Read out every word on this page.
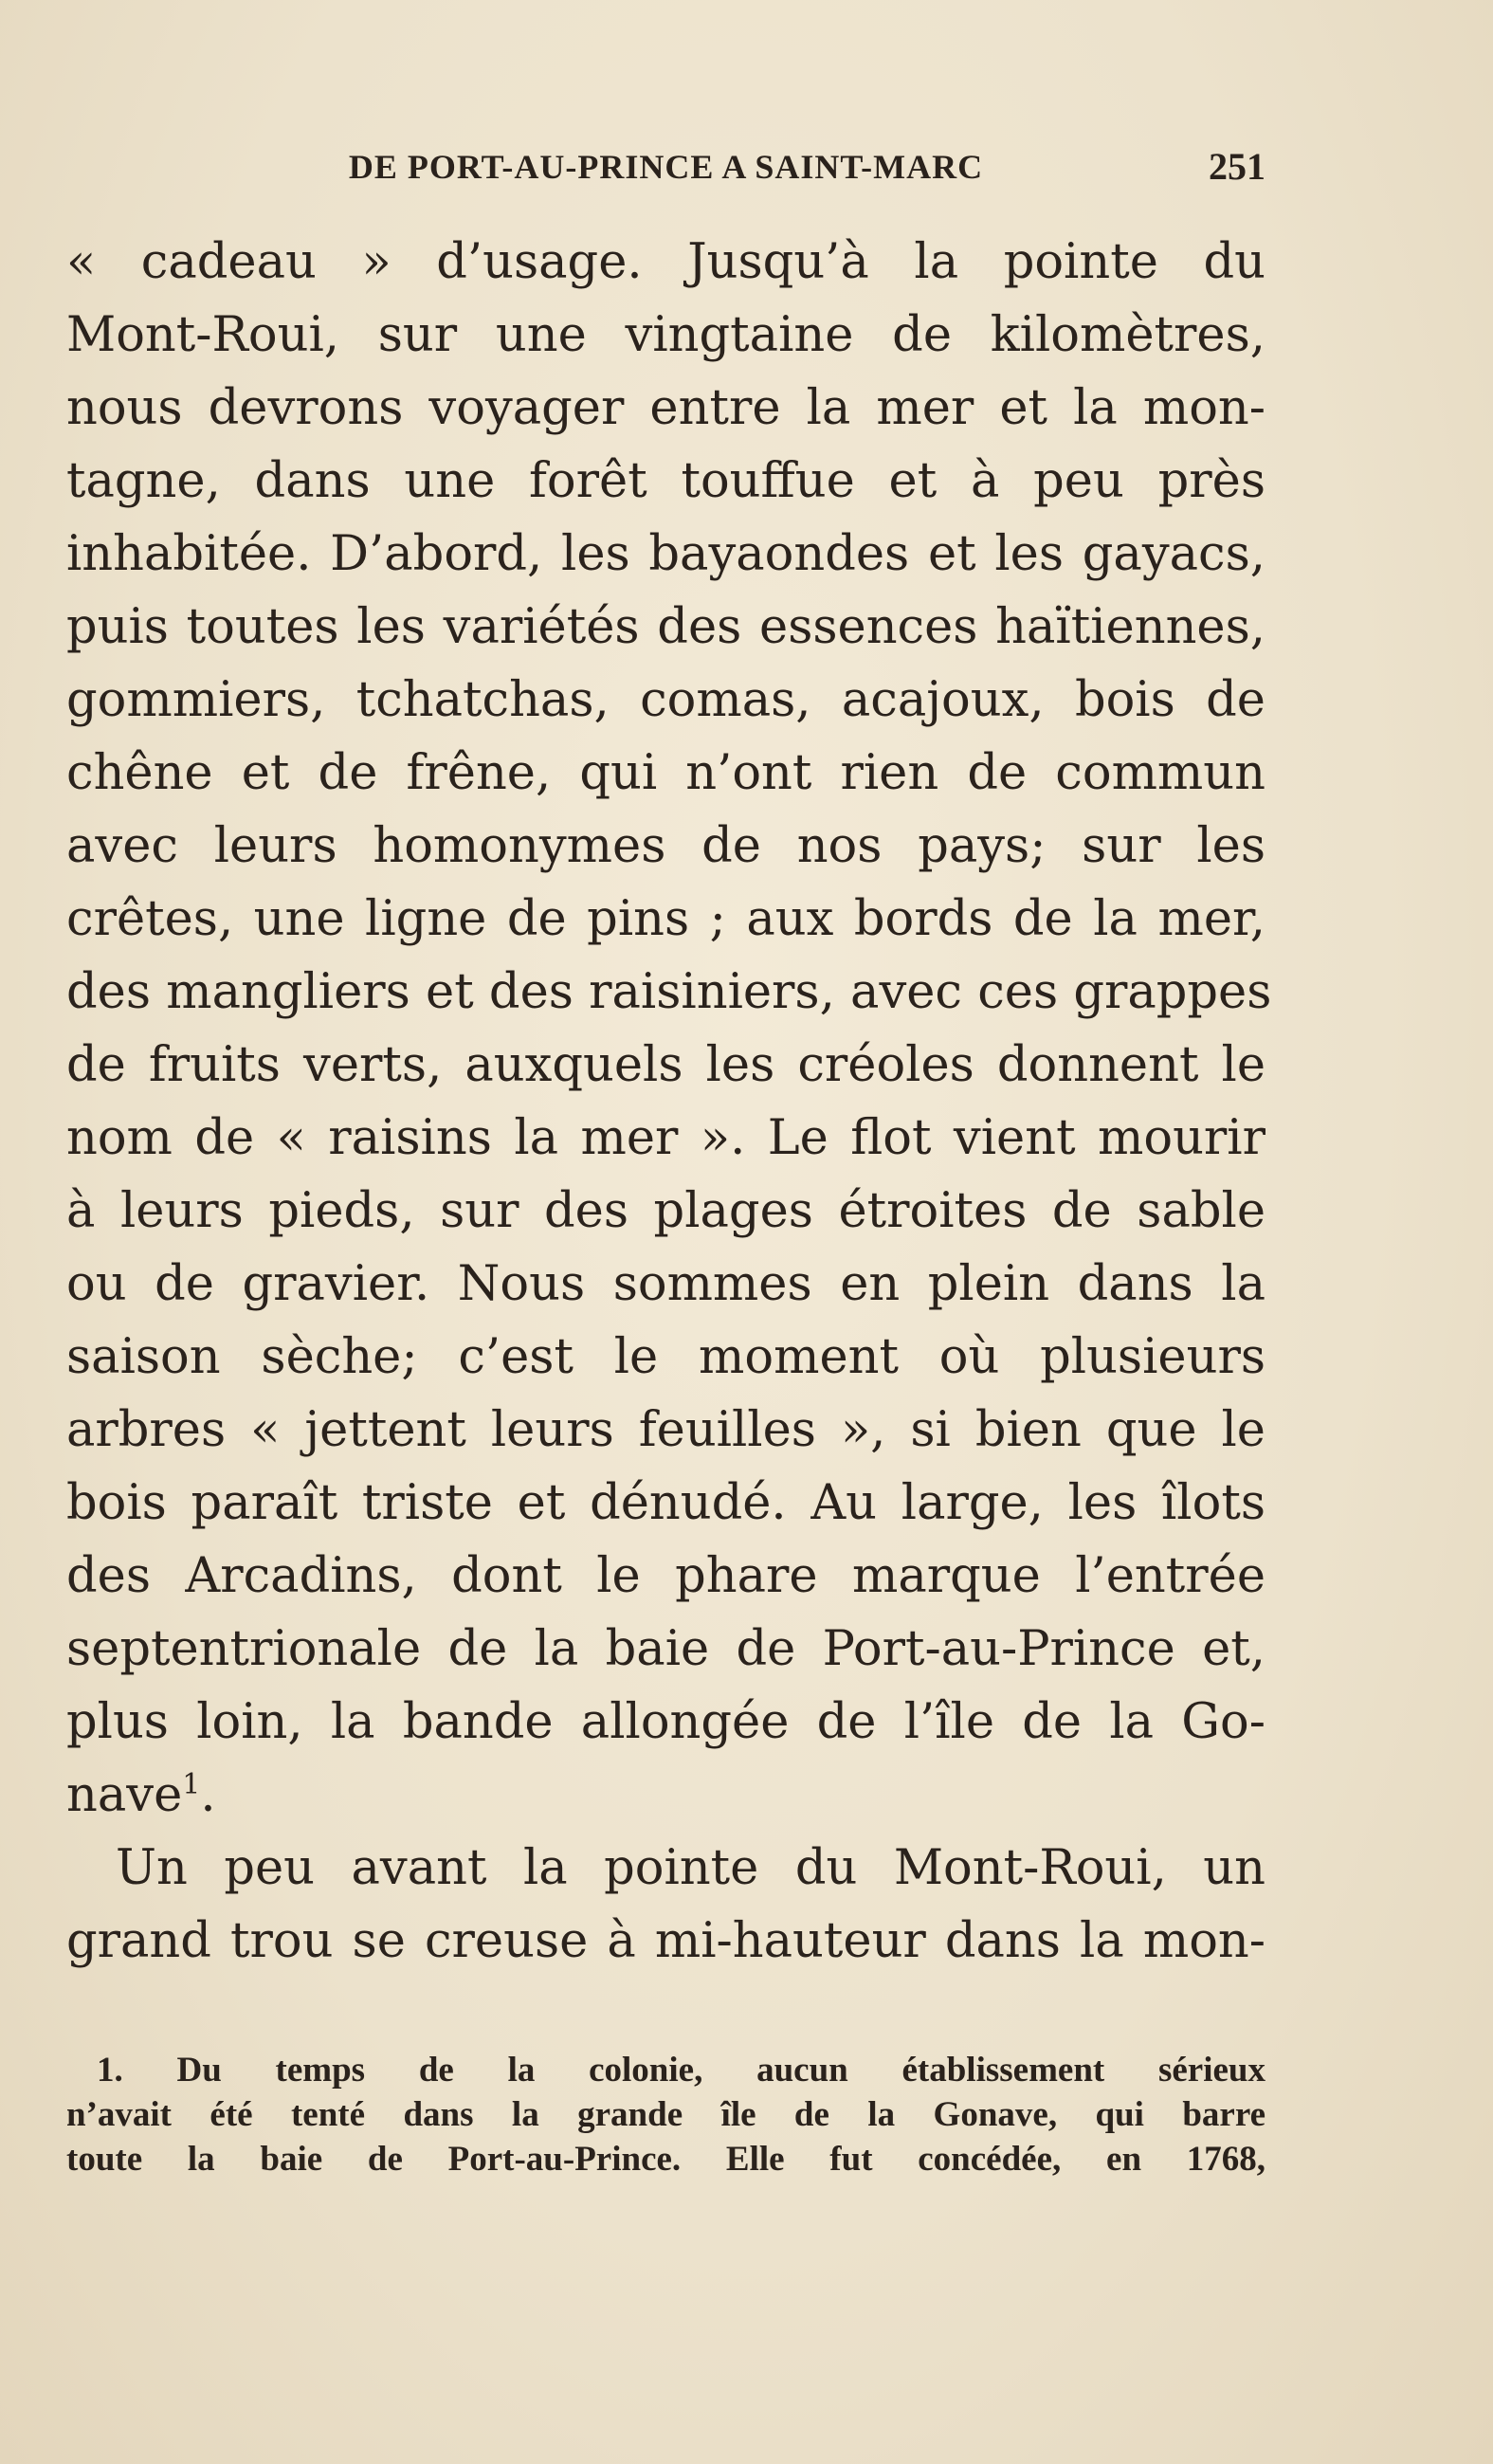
DE PORT-AU-PRINCE A SAINT-MARC	251
« cadeau » d’usage. Jusqu’à la pointe du
Mont-Roui, sur une vingtaine de kilomètres,
nous devrons voyager entre la mer et la mon-
tagne, dans une forêt touffue et à peu près
inhabitée. D’abord, les bayaondes et les gayacs,
puis toutes les variétés des essences haïtiennes,
gommiers, tchatchas, comas, acajoux, bois de
chêne et de frêne, qui n’ont rien de commun
avec leurs homonymes de nos pays; sur les
crêtes, une ligne de pins ; aux bords de la mer,
des mangliers et des raisiniers, avec ces grappes
de fruits verts, auxquels les créoles donnent le
nom de « raisins la mer ». Le flot vient mourir
à leurs pieds, sur des plages étroites de sable
ou de gravier. Nous sommes en plein dans la
saison sèche; c’est le moment où plusieurs
arbres « jettent leurs feuilles », si bien que le
bois paraît triste et dénudé. Au large, les îlots
des Arcadins, dont le phare marque l’entrée
septentrionale de la baie de Port-au-Prince et,
plus loin, la bande allongée de l’île de la Go-
nave$^1$.
Un peu avant la pointe du Mont-Roui, un
grand trou se creuse à mi-hauteur dans la mon-
1. Du temps de la colonie, aucun établissement sérieux
n’avait été tenté dans la grande île de la Gonave, qui barre
toute la baie de Port-au-Prince. Elle fut concédée, en 1768,
